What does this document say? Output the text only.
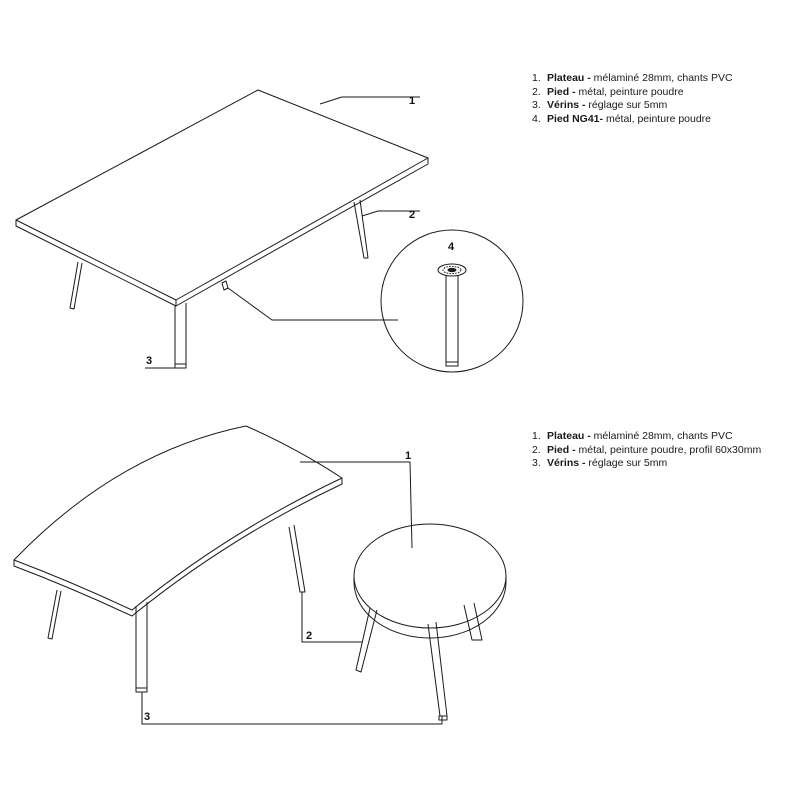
1
2
3
4
1
2
3
1. Plateau - mélaminé 28mm, chants PVC
2. Pied - métal, peinture poudre
3. Vérins - réglage sur 5mm
4. Pied NG41- métal, peinture poudre
1. Plateau - mélaminé 28mm, chants PVC
2. Pied - métal, peinture poudre, profil 60x30mm
3. Vérins - réglage sur 5mm
